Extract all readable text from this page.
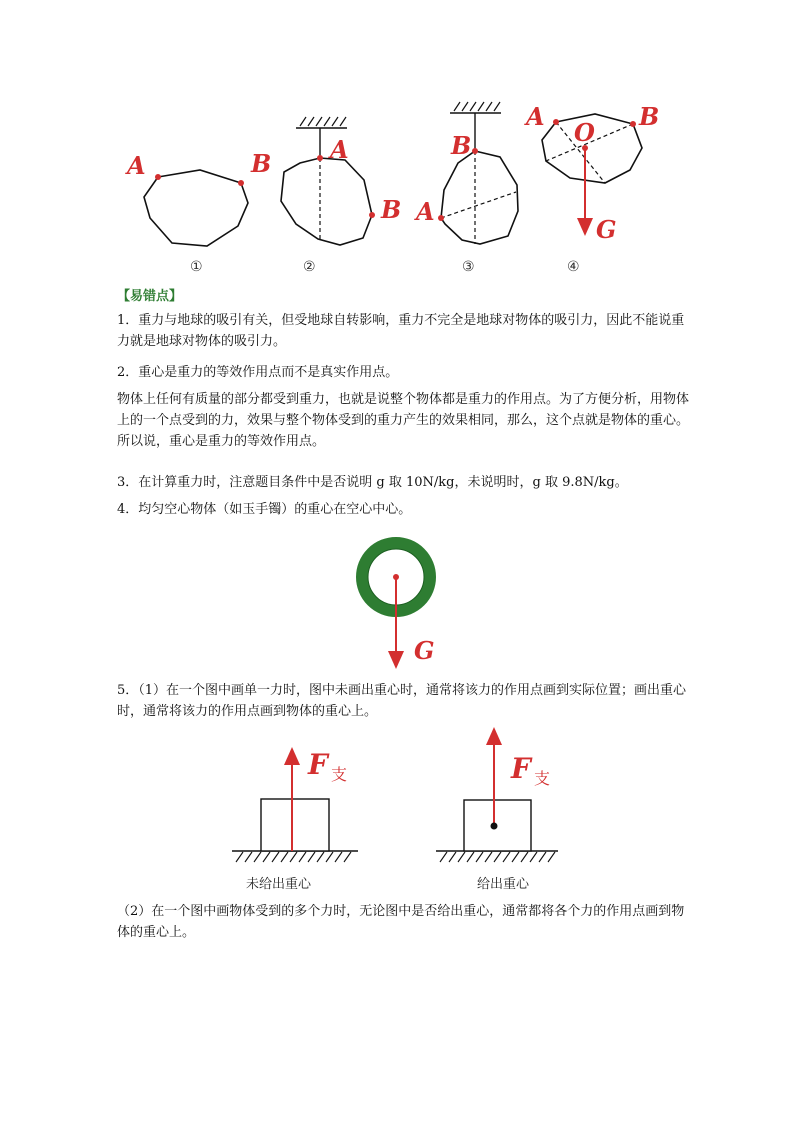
A	B A
B A
B
A	B
O
G
①	②	③	④
【易错点】

1．重力与地球的吸引有关，但受地球自转影响，重力不完全是地球对物体的吸引力，因此不能说重力就是地球对物体的吸引力。

2．重心是重力的等效作用点而不是真实作用点。

物体上任何有质量的部分都受到重力，也就是说整个物体都是重力的作用点。为了方便分析，用物体上的一个点受到的力，效果与整个物体受到的重力产生的效果相同，那么，这个点就是物体的重心。所以说，重心是重力的等效作用点。

3．在计算重力时，注意题目条件中是否说明 g 取 10N/kg，未说明时，g 取 9.8N/kg。

4．均匀空心物体（如玉手镯）的重心在空心中心。

G

5．（1）在一个图中画单一力时，图中未画出重心时，通常将该力的作用点画到实际位置；画出重心时，通常将该力的作用点画到物体的重心上。

F 支
未给出重心
F 支
给出重心

（2）在一个图中画物体受到的多个力时，无论图中是否给出重心，通常都将各个力的作用点画到物体的重心上。
